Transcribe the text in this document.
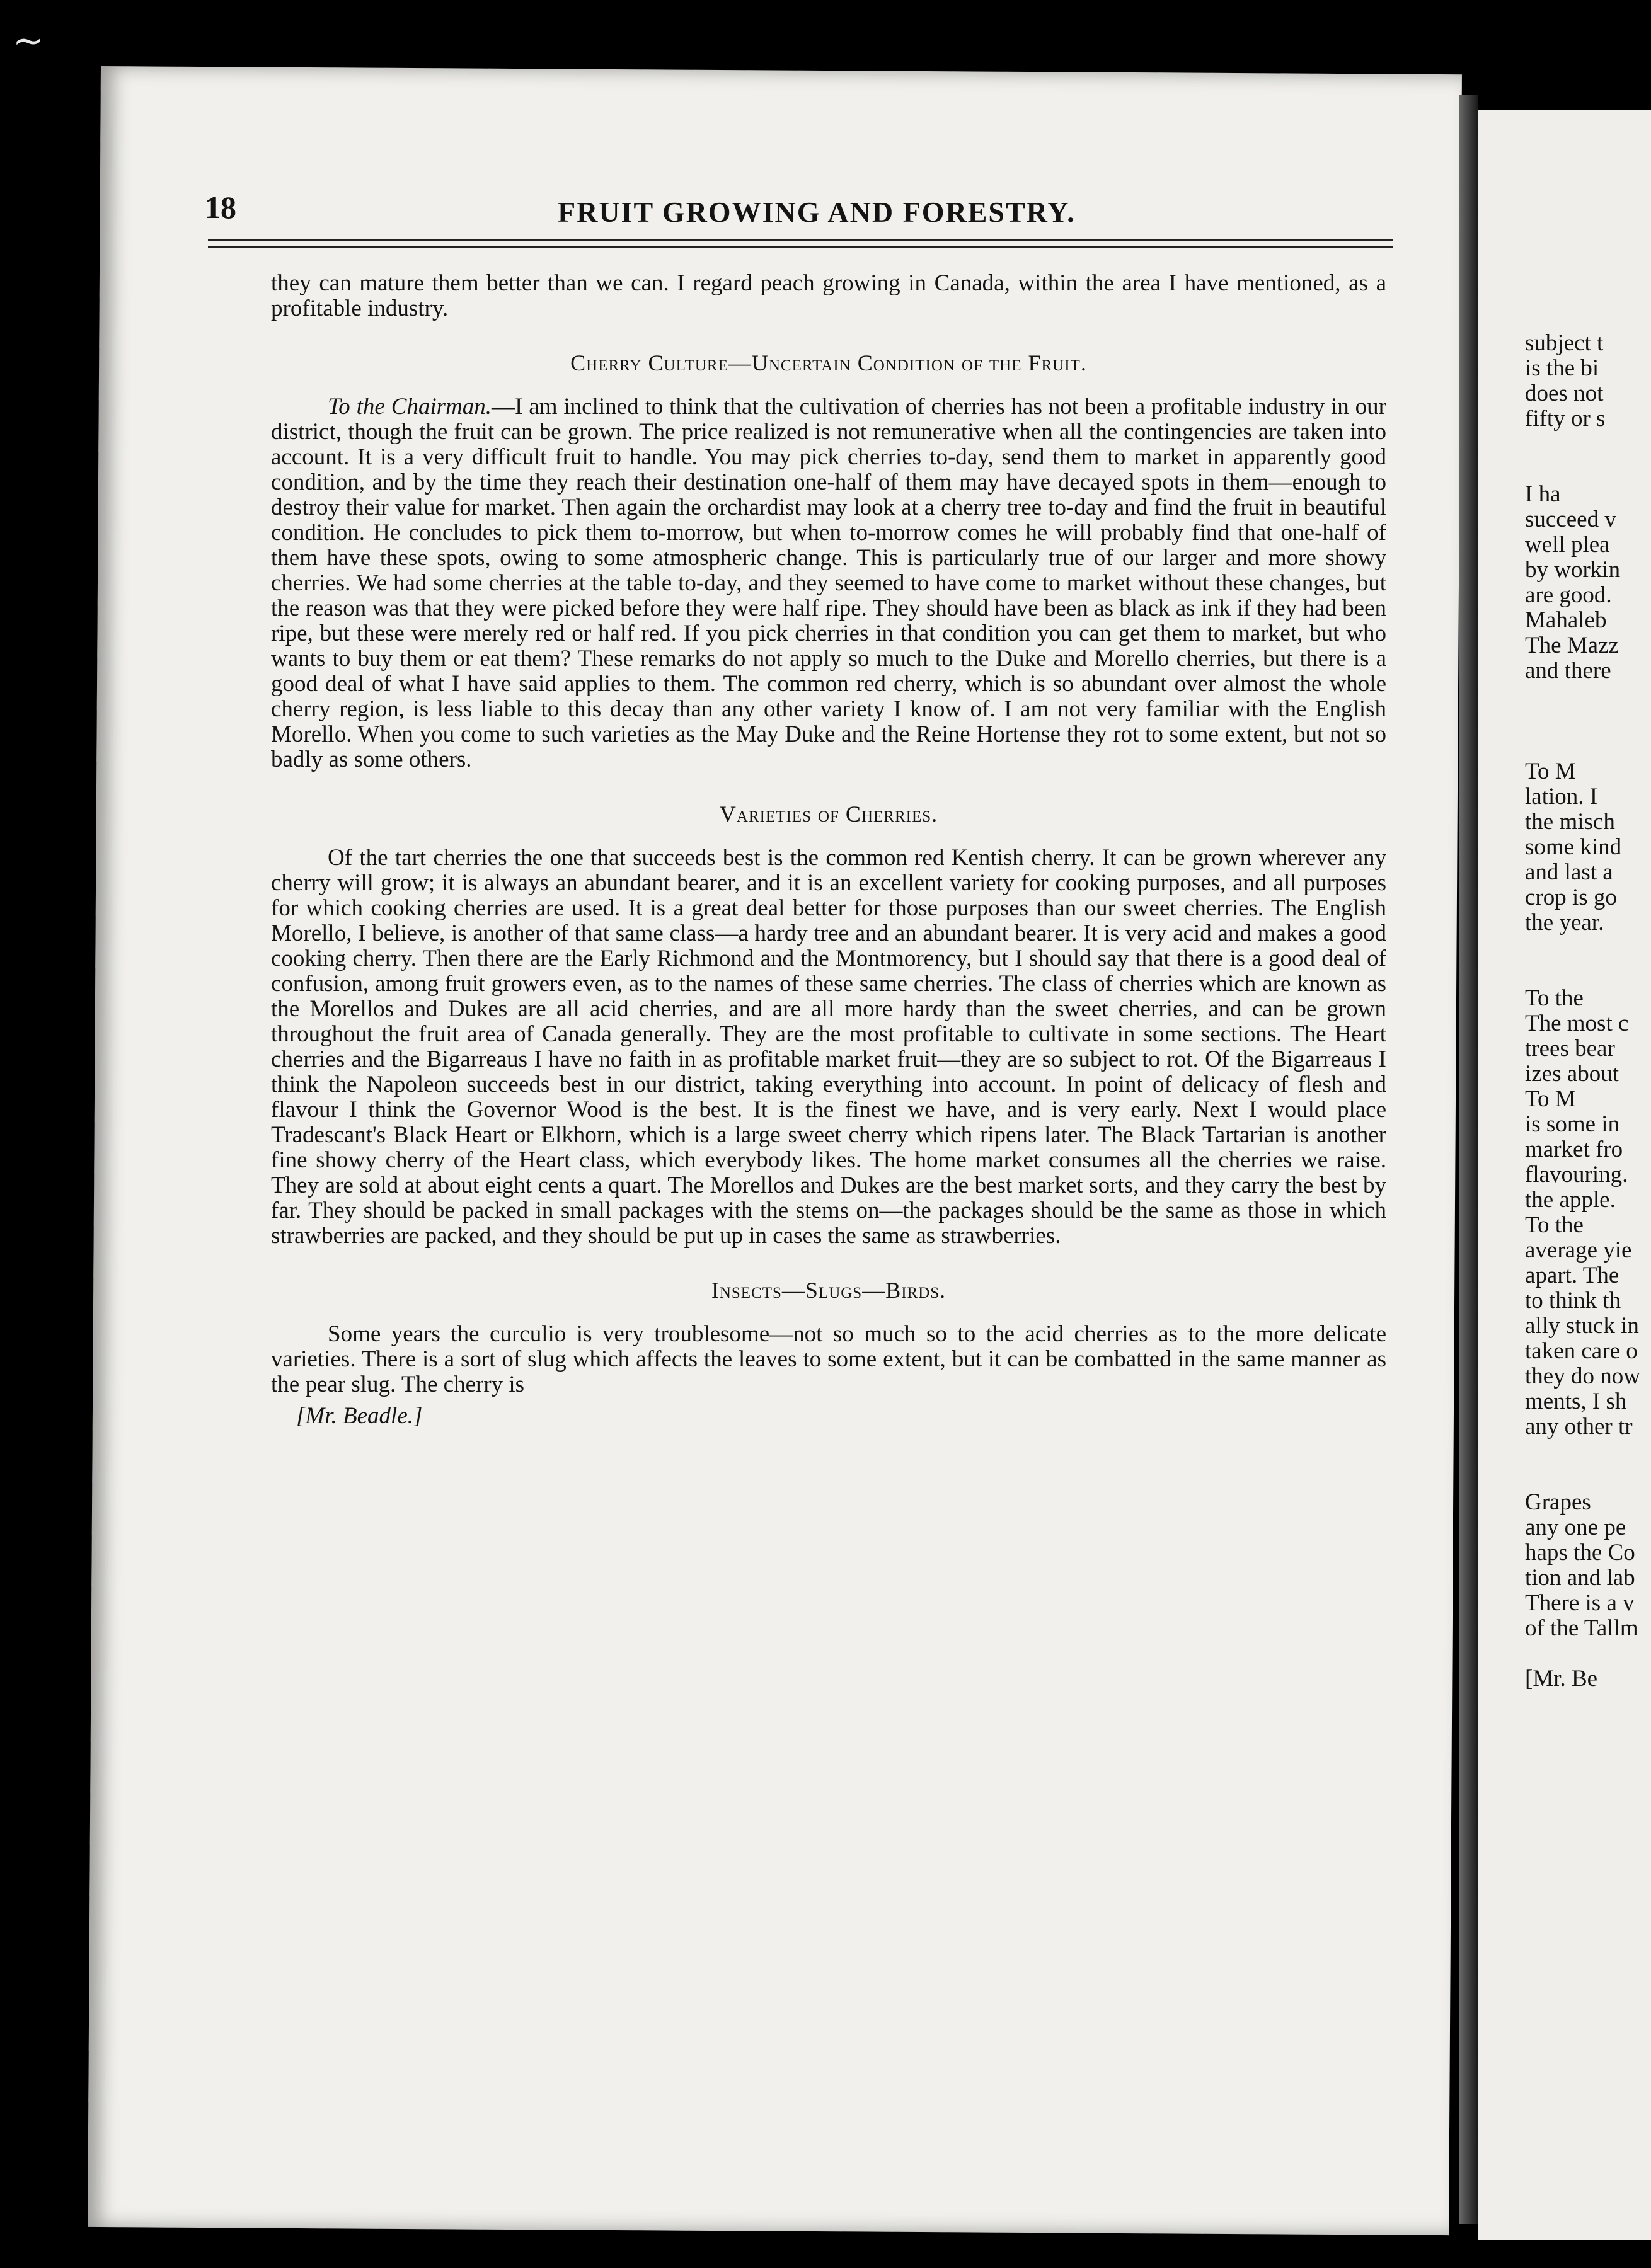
~
18	FRUIT GROWING AND FORESTRY.

they can mature them better than we can. I regard peach growing in Canada, within the area I have mentioned, as a profitable industry.

Cherry Culture—Uncertain Condition of the Fruit.

To the Chairman.—I am inclined to think that the cultivation of cherries has not been a profitable industry in our district, though the fruit can be grown. The price realized is not remunerative when all the contingencies are taken into account. It is a very difficult fruit to handle. You may pick cherries to-day, send them to market in apparently good condition, and by the time they reach their destination one-half of them may have decayed spots in them—enough to destroy their value for market. Then again the orchardist may look at a cherry tree to-day and find the fruit in beautiful condition. He concludes to pick them to-morrow, but when to-morrow comes he will probably find that one-half of them have these spots, owing to some atmospheric change. This is particularly true of our larger and more showy cherries. We had some cherries at the table to-day, and they seemed to have come to market without these changes, but the reason was that they were picked before they were half ripe. They should have been as black as ink if they had been ripe, but these were merely red or half red. If you pick cherries in that condition you can get them to market, but who wants to buy them or eat them? These remarks do not apply so much to the Duke and Morello cherries, but there is a good deal of what I have said applies to them. The common red cherry, which is so abundant over almost the whole cherry region, is less liable to this decay than any other variety I know of. I am not very familiar with the English Morello. When you come to such varieties as the May Duke and the Reine Hortense they rot to some extent, but not so badly as some others.

Varieties of Cherries.

Of the tart cherries the one that succeeds best is the common red Kentish cherry. It can be grown wherever any cherry will grow; it is always an abundant bearer, and it is an excellent variety for cooking purposes, and all purposes for which cooking cherries are used. It is a great deal better for those purposes than our sweet cherries. The English Morello, I believe, is another of that same class—a hardy tree and an abundant bearer. It is very acid and makes a good cooking cherry. Then there are the Early Richmond and the Montmorency, but I should say that there is a good deal of confusion, among fruit growers even, as to the names of these same cherries. The class of cherries which are known as the Morellos and Dukes are all acid cherries, and are all more hardy than the sweet cherries, and can be grown throughout the fruit area of Canada generally. They are the most profitable to cultivate in some sections. The Heart cherries and the Bigarreaus I have no faith in as profitable market fruit—they are so subject to rot. Of the Bigarreaus I think the Napoleon succeeds best in our district, taking everything into account. In point of delicacy of flesh and flavour I think the Governor Wood is the best. It is the finest we have, and is very early. Next I would place Tradescant's Black Heart or Elkhorn, which is a large sweet cherry which ripens later. The Black Tartarian is another fine showy cherry of the Heart class, which everybody likes. The home market consumes all the cherries we raise. They are sold at about eight cents a quart. The Morellos and Dukes are the best market sorts, and they carry the best by far. They should be packed in small packages with the stems on—the packages should be the same as those in which strawberries are packed, and they should be put up in cases the same as strawberries.

Insects—Slugs—Birds.

Some years the curculio is very troublesome—not so much so to the acid cherries as to the more delicate varieties. There is a sort of slug which affects the leaves to some extent, but it can be combatted in the same manner as the pear slug. The cherry is

[Mr. Beadle.]
subject t
is the bi
does not
fifty or s
I ha
succeed v
well plea
by workin
are good.
Mahaleb
The Mazz
and there
To M
lation. I
the misch
some kind
and last a
crop is go
the year.
To the
The most c
trees bear
izes about
To M
is some in
market fro
flavouring.
the apple.
To the
average yie
apart. The
to think th
ally stuck in
taken care o
they do now
ments, I sh
any other tr
Grapes
any one pe
haps the Co
tion and lab
There is a v
of the Tallm
[Mr. Be
